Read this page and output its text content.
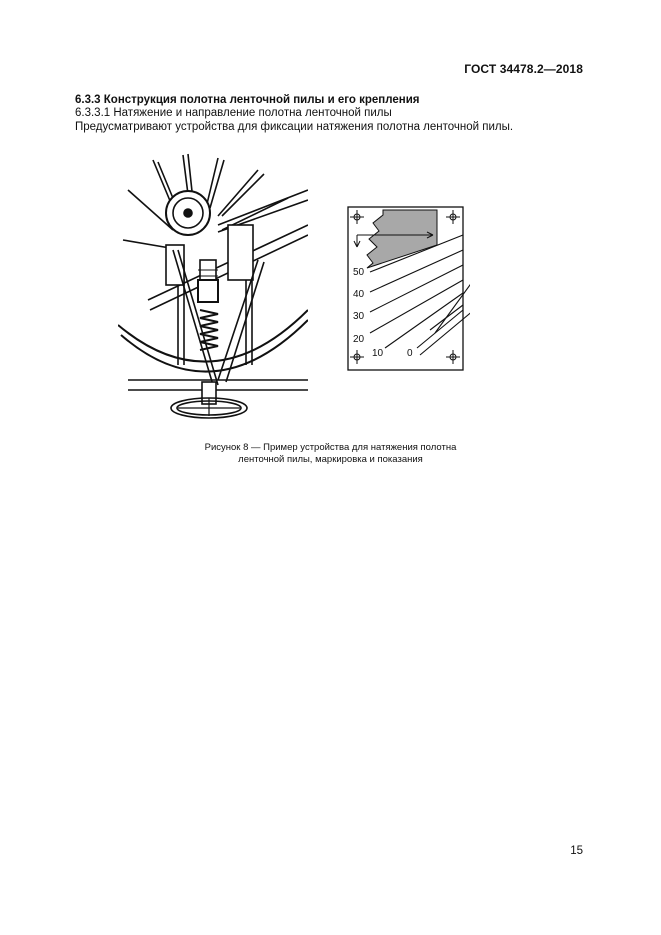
ГОСТ 34478.2—2018
6.3.3 Конструкция полотна ленточной пилы и его крепления
6.3.3.1 Натяжение и направление полотна ленточной пилы
Предусматривают устройства для фиксации натяжения полотна ленточной пилы.
50
40
30
20
10 0
Рисунок 8 — Пример устройства для натяжения полотна
ленточной пилы, маркировка и показания
15
